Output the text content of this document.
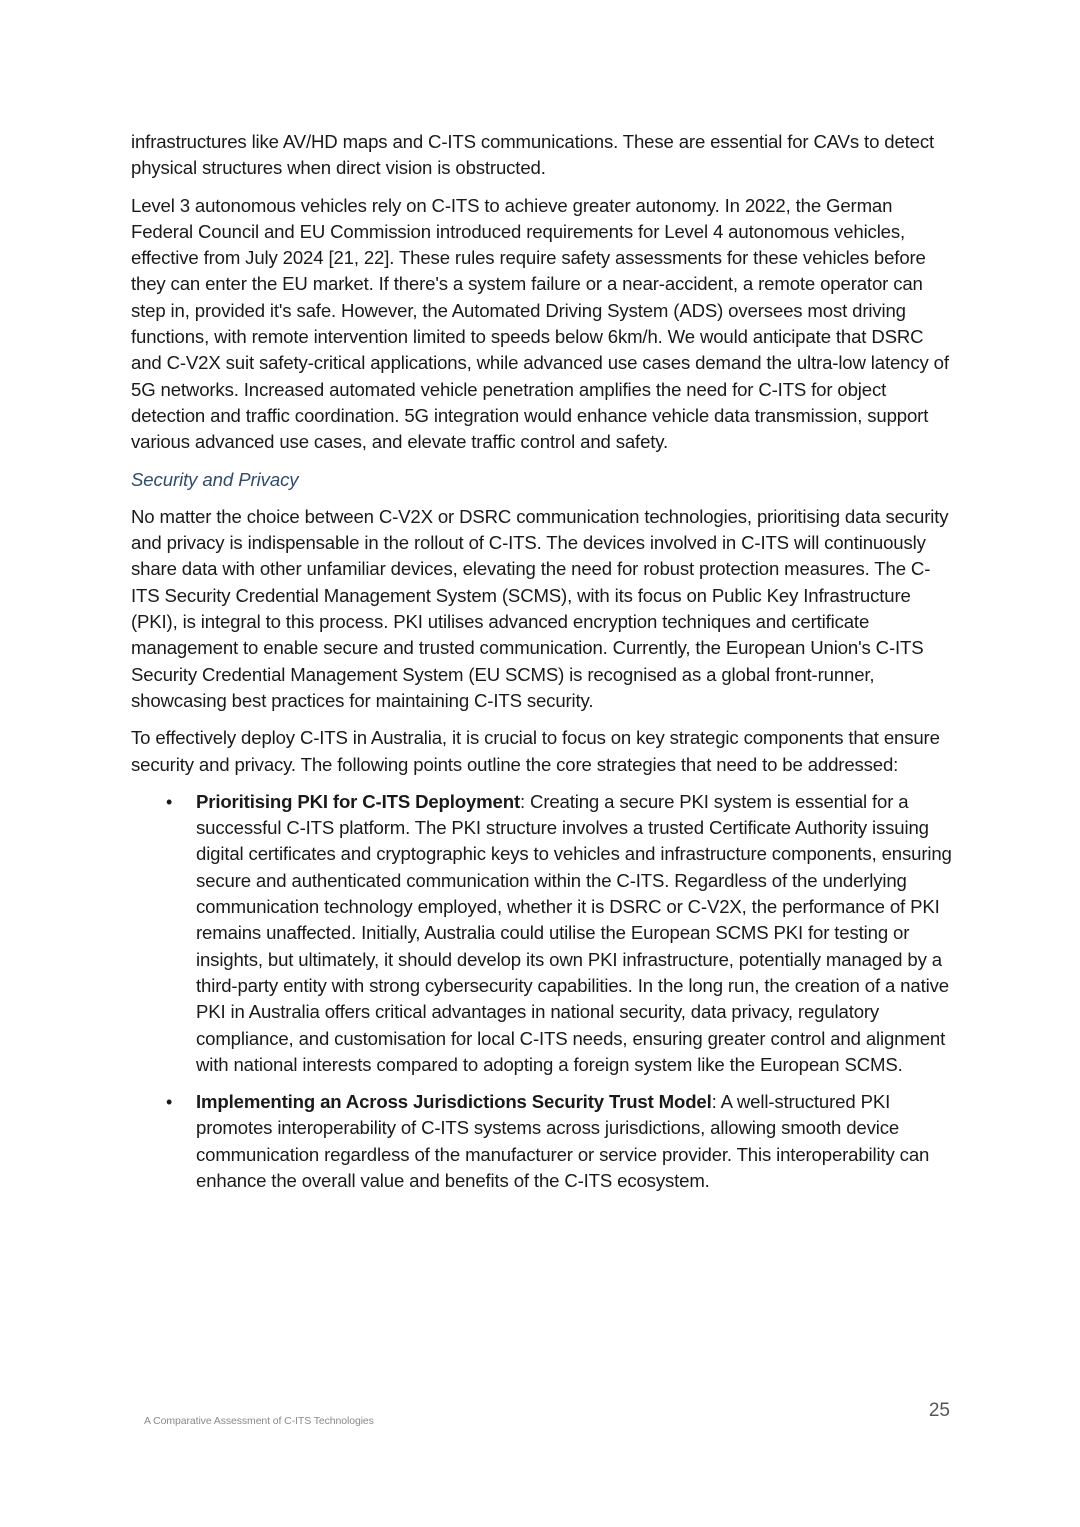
infrastructures like AV/HD maps and C-ITS communications. These are essential for CAVs to detect physical structures when direct vision is obstructed.

Level 3 autonomous vehicles rely on C-ITS to achieve greater autonomy. In 2022, the German Federal Council and EU Commission introduced requirements for Level 4 autonomous vehicles, effective from July 2024 [21, 22]. These rules require safety assessments for these vehicles before they can enter the EU market. If there's a system failure or a near-accident, a remote operator can step in, provided it's safe. However, the Automated Driving System (ADS) oversees most driving functions, with remote intervention limited to speeds below 6km/h. We would anticipate that DSRC and C-V2X suit safety-critical applications, while advanced use cases demand the ultra-low latency of 5G networks. Increased automated vehicle penetration amplifies the need for C-ITS for object detection and traffic coordination. 5G integration would enhance vehicle data transmission, support various advanced use cases, and elevate traffic control and safety.

Security and Privacy

No matter the choice between C-V2X or DSRC communication technologies, prioritising data security and privacy is indispensable in the rollout of C-ITS. The devices involved in C-ITS will continuously share data with other unfamiliar devices, elevating the need for robust protection measures. The C-ITS Security Credential Management System (SCMS), with its focus on Public Key Infrastructure (PKI), is integral to this process. PKI utilises advanced encryption techniques and certificate management to enable secure and trusted communication. Currently, the European Union's C-ITS Security Credential Management System (EU SCMS) is recognised as a global front-runner, showcasing best practices for maintaining C-ITS security.

To effectively deploy C-ITS in Australia, it is crucial to focus on key strategic components that ensure security and privacy. The following points outline the core strategies that need to be addressed:

• Prioritising PKI for C-ITS Deployment: Creating a secure PKI system is essential for a successful C-ITS platform. The PKI structure involves a trusted Certificate Authority issuing digital certificates and cryptographic keys to vehicles and infrastructure components, ensuring secure and authenticated communication within the C-ITS. Regardless of the underlying communication technology employed, whether it is DSRC or C-V2X, the performance of PKI remains unaffected. Initially, Australia could utilise the European SCMS PKI for testing or insights, but ultimately, it should develop its own PKI infrastructure, potentially managed by a third-party entity with strong cybersecurity capabilities. In the long run, the creation of a native PKI in Australia offers critical advantages in national security, data privacy, regulatory compliance, and customisation for local C-ITS needs, ensuring greater control and alignment with national interests compared to adopting a foreign system like the European SCMS.
• Implementing an Across Jurisdictions Security Trust Model: A well-structured PKI promotes interoperability of C-ITS systems across jurisdictions, allowing smooth device communication regardless of the manufacturer or service provider. This interoperability can enhance the overall value and benefits of the C-ITS ecosystem.
A Comparative Assessment of C-ITS Technologies	25
